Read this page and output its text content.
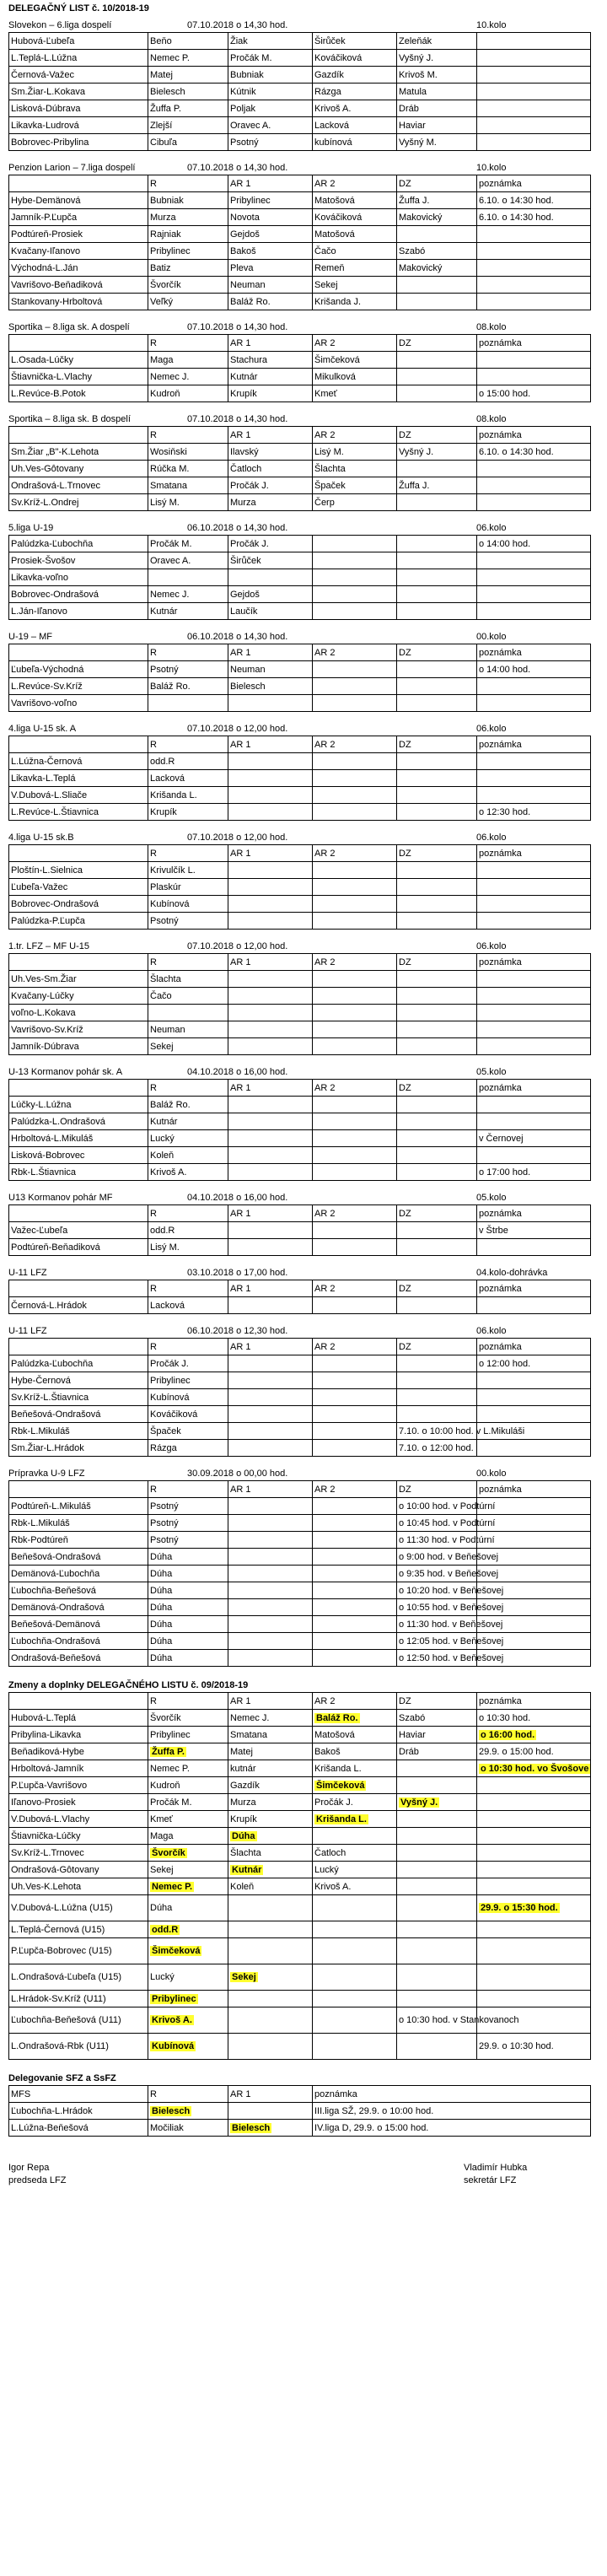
DELEGAČNÝ LIST č. 10/2018-19
Slovekon – 6.liga dospelí	07.10.2018 o 14,30 hod.	10.kolo
Hubová-Ľubeľa	Beňo	Žiak	Širůček	Zeleňák	
L.Teplá-L.Lúžna	Nemec P.	Pročák M.	Kováčiková	Vyšný J.	
Černová-Važec	Matej	Bubniak	Gazdík	Krivoš M.	
Sm.Žiar-L.Kokava	Bielesch	Kútnik	Rázga	Matula	
Lisková-Dúbrava	Žuffa P.	Poljak	Krivoš A.	Dráb	
Likavka-Ludrová	Zlejší	Oravec A.	Lacková	Haviar	
Bobrovec-Pribylina	Cibuľa	Psotný	kubínová	Vyšný M.	
Penzion Larion – 7.liga dospelí	07.10.2018 o 14,30 hod.	10.kolo
	R	AR 1	AR 2	DZ	poznámka
Hybe-Demänová	Bubniak	Pribylinec	Matošová	Žuffa J.	6.10. o 14:30 hod.
Jamník-P.Ľupča	Murza	Novota	Kováčiková	Makovický	6.10. o 14:30 hod.
Podtúreň-Prosiek	Rajniak	Gejdoš	Matošová		
Kvačany-Iľanovo	Pribylinec	Bakoš	Čačo	Szabó	
Východná-L.Ján	Batiz	Pleva	Remeň	Makovický	
Vavrišovo-Beňadiková	Švorčík	Neuman	Sekej		
Stankovany-Hrboltová	Veľký	Baláž Ro.	Krišanda J.		
Sportika – 8.liga sk. A dospelí	07.10.2018 o 14,30 hod.	08.kolo
	R	AR 1	AR 2	DZ	poznámka
L.Osada-Lúčky	Maga	Stachura	Šimčeková		
Štiavnička-L.Vlachy	Nemec J.	Kutnár	Mikulková		
L.Revúce-B.Potok	Kudroň	Krupík	Kmeť		o 15:00 hod.
Sportika – 8.liga sk. B dospelí	07.10.2018 o 14,30 hod.	08.kolo
	R	AR 1	AR 2	DZ	poznámka
Sm.Žiar „B"-K.Lehota	Wosiňski	Ilavský	Lisý M.	Vyšný J.	6.10. o 14:30 hod.
Uh.Ves-Gôtovany	Rúčka M.	Čatloch	Šlachta		
Ondrašová-L.Trnovec	Smatana	Pročák J.	Špaček	Žuffa J.	
Sv.Kríž-L.Ondrej	Lisý M.	Murza	Čerp		
5.liga U-19	06.10.2018 o 14,30 hod.	06.kolo
Palúdzka-Ľubochňa	Pročák M.	Pročák J.			o 14:00 hod.
Prosiek-Švošov	Oravec A.	Širůček			
Likavka-voľno					
Bobrovec-Ondrašová	Nemec J.	Gejdoš			
L.Ján-Iľanovo	Kutnár	Laučík			
U-19 – MF	06.10.2018 o 14,30 hod.	00.kolo
	R	AR 1	AR 2	DZ	poznámka
Ľubeľa-Východná	Psotný	Neuman			o 14:00 hod.
L.Revúce-Sv.Kríž	Baláž Ro.	Bielesch			
Vavrišovo-voľno					
4.liga U-15 sk. A	07.10.2018 o 12,00 hod.	06.kolo
	R	AR 1	AR 2	DZ	poznámka
L.Lúžna-Černová	odd.R				
Likavka-L.Teplá	Lacková				
V.Dubová-L.Sliače	Krišanda L.				
L.Revúce-L.Štiavnica	Krupík				o 12:30 hod.
4.liga U-15 sk.B	07.10.2018 o 12,00 hod.	06.kolo
	R	AR 1	AR 2	DZ	poznámka
Ploštín-L.Sielnica	Krivulčík L.				
Ľubeľa-Važec	Plaskúr				
Bobrovec-Ondrašová	Kubínová				
Palúdzka-P.Ľupča	Psotný				
1.tr. LFZ – MF U-15	07.10.2018 o 12,00 hod.	06.kolo
	R	AR 1	AR 2	DZ	poznámka
Uh.Ves-Sm.Žiar	Šlachta				
Kvačany-Lúčky	Čačo				
voľno-L.Kokava					
Vavrišovo-Sv.Kríž	Neuman				
Jamník-Dúbrava	Sekej				
U-13 Kormanov pohár sk. A	04.10.2018 o 16,00 hod.	05.kolo
	R	AR 1	AR 2	DZ	poznámka
Lúčky-L.Lúžna	Baláž Ro.				
Palúdzka-L.Ondrašová	Kutnár				
Hrboltová-L.Mikuláš	Lucký				v Černovej
Lisková-Bobrovec	Koleň				
Rbk-L.Štiavnica	Krivoš A.				o 17:00 hod.
U13 Kormanov pohár MF	04.10.2018 o 16,00 hod.	05.kolo
	R	AR 1	AR 2	DZ	poznámka
Važec-Ľubeľa	odd.R				v Štrbe
Podtúreň-Beňadiková	Lisý M.				
U-11 LFZ	03.10.2018 o 17,00 hod.	04.kolo-dohrávka
	R	AR 1	AR 2	DZ	poznámka
Černová-L.Hrádok	Lacková				
U-11 LFZ	06.10.2018 o 12,30 hod.	06.kolo
	R	AR 1	AR 2	DZ	poznámka
Palúdzka-Ľubochňa	Pročák J.				o 12:00 hod.
Hybe-Černová	Pribylinec				
Sv.Kríž-L.Štiavnica	Kubínová				
Beňešová-Ondrašová	Kováčiková				
Rbk-L.Mikuláš	Špaček			7.10. o 10:00 hod. v L.Mikuláši	
Sm.Žiar-L.Hrádok	Rázga			7.10. o 12:00 hod.	
Prípravka U-9 LFZ	30.09.2018 o 00,00 hod.	00.kolo
	R	AR 1	AR 2	DZ	poznámka
Podtúreň-L.Mikuláš	Psotný			o 10:00 hod. v Podtúrní	
Rbk-L.Mikuláš	Psotný			o 10:45 hod. v Podtúrní	
Rbk-Podtúreň	Psotný			o 11:30 hod. v Podtúrní	
Beňešová-Ondrašová	Dúha			o 9:00 hod. v Beňešovej	
Demänová-Ľubochňa	Dúha			o 9:35 hod. v Beňešovej	
Ľubochňa-Beňešová	Dúha			o 10:20 hod. v Beňešovej	
Demänová-Ondrašová	Dúha			o 10:55 hod. v Beňešovej	
Beňešová-Demänová	Dúha			o 11:30 hod. v Beňešovej	
Ľubochňa-Ondrašová	Dúha			o 12:05 hod. v Beňešovej	
Ondrašová-Beňešová	Dúha			o 12:50 hod. v Beňešovej	
Zmeny a doplnky DELEGAČNÉHO LISTU č. 09/2018-19
	R	AR 1	AR 2	DZ	poznámka
Hubová-L.Teplá	Švorčík	Nemec J.	Baláž Ro.	Szabó	o 10:30 hod.
Pribylina-Likavka	Pribylinec	Smatana	Matošová	Haviar	o 16:00 hod.
Beňadiková-Hybe	Žuffa P.	Matej	Bakoš	Dráb	29.9. o 15:00 hod.
Hrboltová-Jamník	Nemec P.	kutnár	Krišanda L.		o 10:30 hod. vo Švošove
P.Ľupča-Vavrišovo	Kudroň	Gazdík	Šimčeková		
Iľanovo-Prosiek	Pročák M.	Murza	Pročák J.	Vyšný J.	
V.Dubová-L.Vlachy	Kmeť	Krupík	Krišanda L.		
Štiavnička-Lúčky	Maga	Dúha			
Sv.Kríž-L.Trnovec	Švorčík	Šlachta	Čatloch		
Ondrašová-Gôtovany	Sekej	Kutnár	Lucký		
Uh.Ves-K.Lehota	Nemec P.	Koleň	Krivoš A.		
V.Dubová-L.Lúžna (U15)	Dúha				29.9. o 15:30 hod.
L.Teplá-Černová (U15)	odd.R				
P.Ľupča-Bobrovec (U15)	Šimčeková				
L.Ondrašová-Ľubeľa (U15)	Lucký	Sekej			
L.Hrádok-Sv.Kríž (U11)	Pribylinec				
Ľubochňa-Beňešová (U11)	Krivoš A.			o 10:30 hod. v Stankovanoch	
L.Ondrašová-Rbk (U11)	Kubínová				29.9. o 10:30 hod.
Delegovanie SFZ a SsFZ
MFS	R	AR 1	poznámka
Ľubochňa-L.Hrádok	Bielesch		III.liga SŽ, 29.9. o 10:00 hod.
L.Lúžna-Beňešová	Močiliak	Bielesch	IV.liga D, 29.9. o 15:00 hod.
Igor Repa
predseda LFZ
Vladimír Hubka
sekretár LFZ
